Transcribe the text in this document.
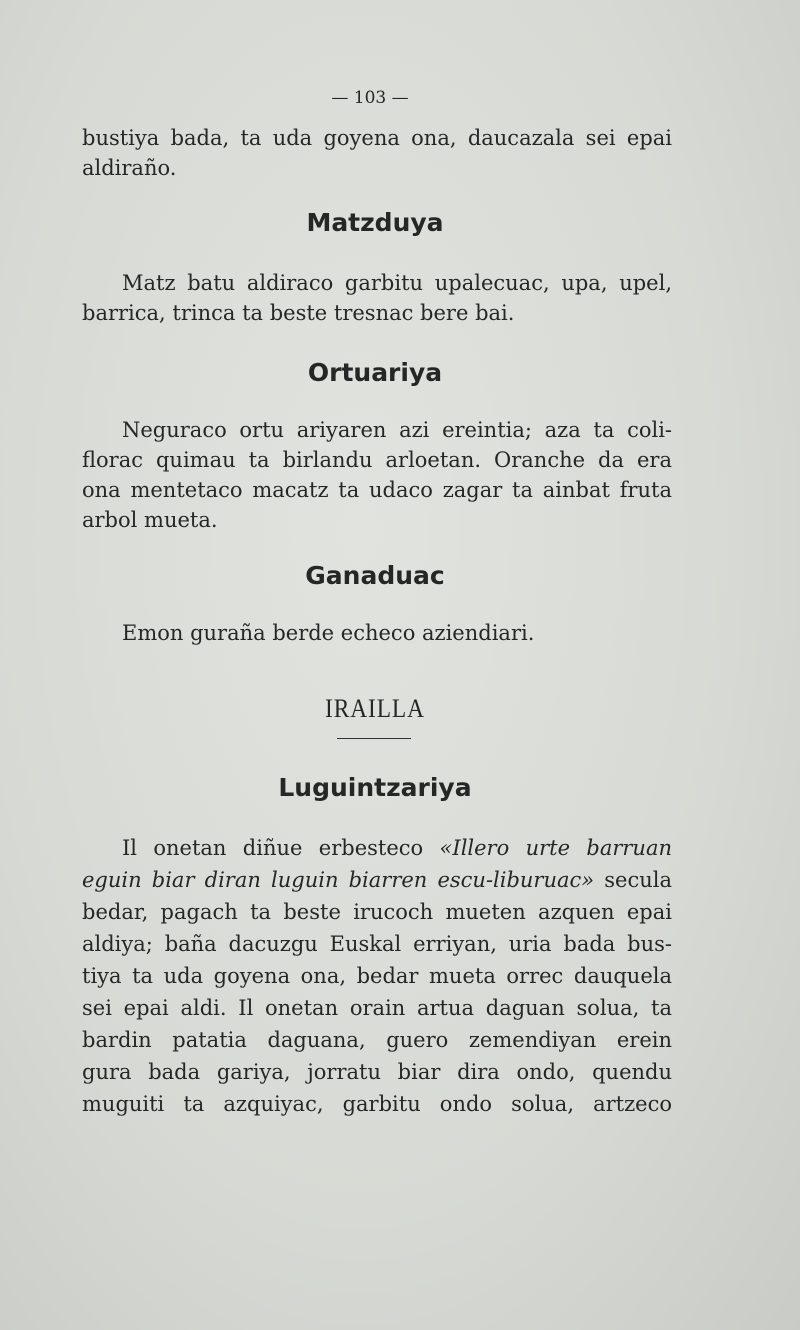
— 103 —
bustiya bada, ta uda goyena ona, daucazala sei epai
aldiraño.
Matzduya
Matz batu aldiraco garbitu upalecuac, upa, upel,
barrica, trinca ta beste tresnac bere bai.
Ortuariya
Neguraco ortu ariyaren azi ereintia; aza ta coli-
florac quimau ta birlandu arloetan. Oranche da era
ona mentetaco macatz ta udaco zagar ta ainbat fruta
arbol mueta.
Ganaduac
Emon guraña berde echeco aziendiari.
IRAILLA
Luguintzariya
Il onetan diñue erbesteco «Illero urte barruan
eguin biar diran luguin biarren escu-liburuac» secula
bedar, pagach ta beste irucoch mueten azquen epai
aldiya; baña dacuzgu Euskal erriyan, uria bada bus-
tiya ta uda goyena ona, bedar mueta orrec dauquela
sei epai aldi. Il onetan orain artua daguan solua, ta
bardin patatia daguana, guero zemendiyan erein
gura bada gariya, jorratu biar dira ondo, quendu
muguiti ta azquiyac, garbitu ondo solua, artzeco
